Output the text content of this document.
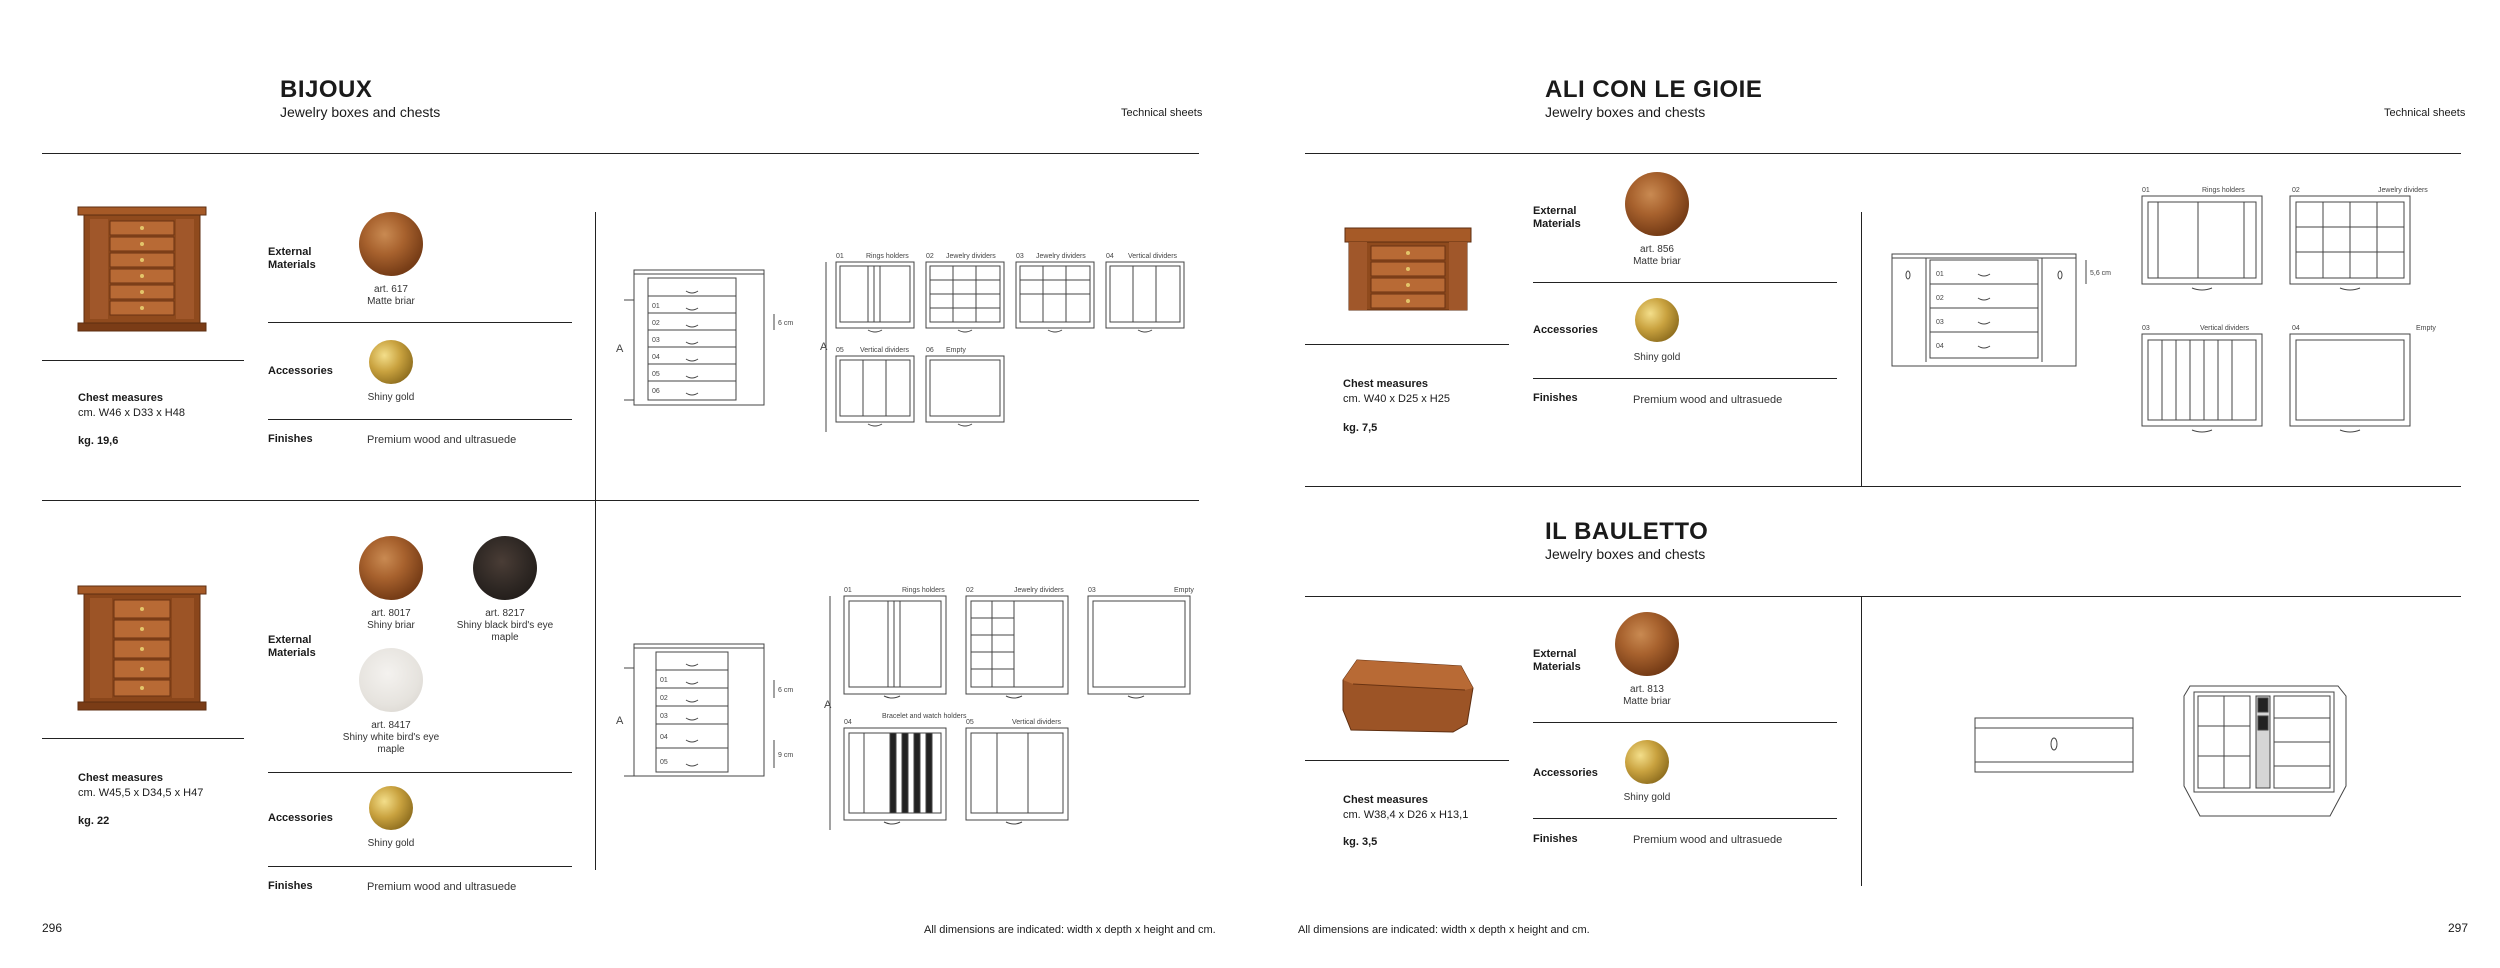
BIJOUX
Jewelry boxes and chests	Technical sheets
Chest measures
cm. W46 x D33 x H48
kg. 19,6
External Materials
art. 617
Matte briar
Accessories
Shiny gold
Finishes	Premium wood and ultrasuede
A
01
02
03
04
05
06
6 cm
A
01	Rings holders 02 Jewelry dividers	03 Jewelry dividers	04 Vertical dividers
05 Vertical dividers 06 Empty
Chest measures
cm. W45,5 x D34,5 x H47
kg. 22
External Materials
art. 8017
Shiny briar
art. 8217
Shiny black bird's eye maple
art. 8417
Shiny white bird's eye maple
Accessories
Shiny gold
Finishes	Premium wood and ultrasuede
A
01
02
03
04
05
6 cm
9 cm
A
01	Rings holders	02	Jewelry dividers	03	Empty
04
Bracelet and watch holders
05	Vertical dividers
296	All dimensions are indicated: width x depth x height and cm.
ALI CON LE GIOIE
Jewelry boxes and chests	Technical sheets
Chest measures
cm. W40 x D25 x H25
kg. 7,5
External Materials
art. 856
Matte briar
Accessories
Shiny gold
Finishes	Premium wood and ultrasuede
01
02
03
04
5,6 cm
01	Rings holders	02	Jewelry dividers
03	Vertical dividers	04	Empty
IL BAULETTO
Jewelry boxes and chests
Chest measures
cm. W38,4 x D26 x H13,1
kg. 3,5
External Materials
art. 813
Matte briar
Accessories
Shiny gold
Finishes	Premium wood and ultrasuede
All dimensions are indicated: width x depth x height and cm.	297
